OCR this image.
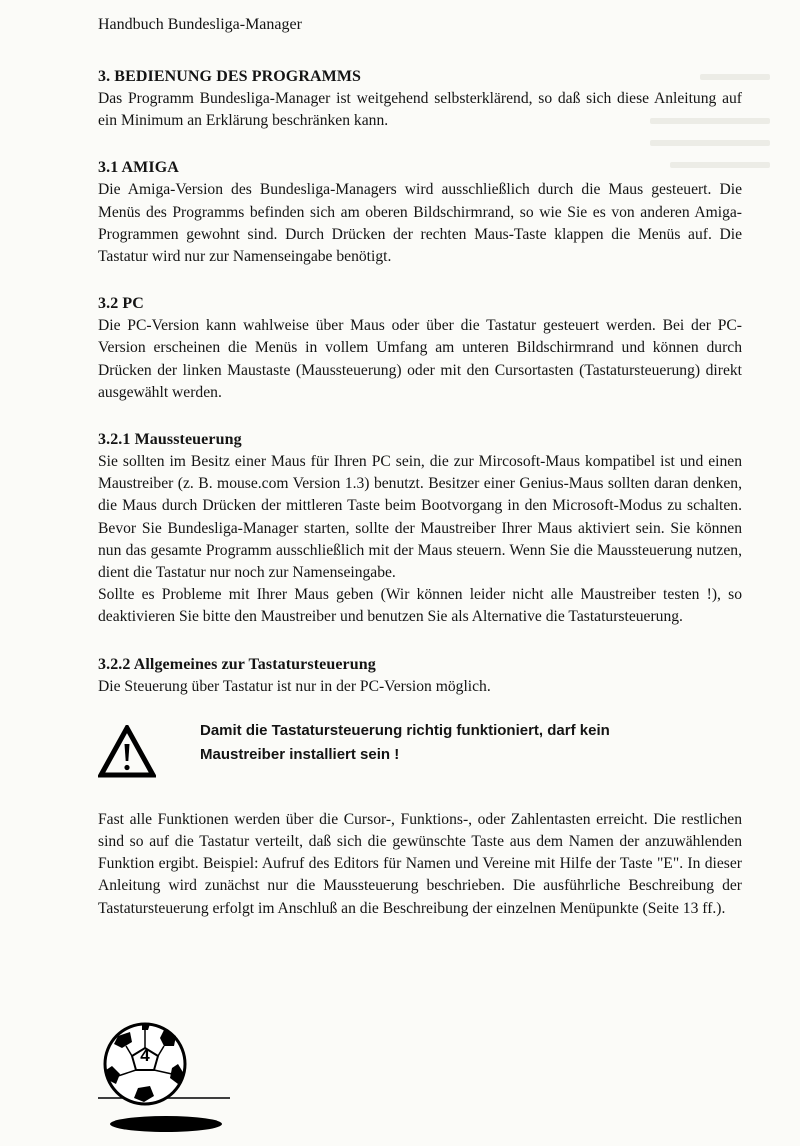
Handbuch Bundesliga-Manager
3. BEDIENUNG DES PROGRAMMS

Das Programm Bundesliga-Manager ist weitgehend selbsterklärend, so daß sich diese Anleitung auf ein Minimum an Erklärung beschränken kann.

3.1 AMIGA

Die Amiga-Version des Bundesliga-Managers wird ausschließlich durch die Maus gesteuert. Die Menüs des Programms befinden sich am oberen Bildschirmrand, so wie Sie es von anderen Amiga-Programmen gewohnt sind. Durch Drücken der rechten Maus-Taste klappen die Menüs auf. Die Tastatur wird nur zur Namenseingabe benötigt.

3.2 PC

Die PC-Version kann wahlweise über Maus oder über die Tastatur gesteuert werden. Bei der PC-Version erscheinen die Menüs in vollem Umfang am unteren Bildschirmrand und können durch Drücken der linken Maustaste (Maussteuerung) oder mit den Cursortasten (Tastatursteuerung) direkt ausgewählt werden.

3.2.1 Maussteuerung

Sie sollten im Besitz einer Maus für Ihren PC sein, die zur Mircosoft-Maus kompatibel ist und einen Maustreiber (z. B. mouse.com Version 1.3) benutzt. Besitzer einer Genius-Maus sollten daran denken, die Maus durch Drücken der mittleren Taste beim Bootvorgang in den Microsoft-Modus zu schalten. Bevor Sie Bundesliga-Manager starten, sollte der Maustreiber Ihrer Maus aktiviert sein. Sie können nun das gesamte Programm ausschließlich mit der Maus steuern. Wenn Sie die Maussteuerung nutzen, dient die Tastatur nur noch zur Namenseingabe.

Sollte es Probleme mit Ihrer Maus geben (Wir können leider nicht alle Maustreiber testen !), so deaktivieren Sie bitte den Maustreiber und benutzen Sie als Alternative die Tastatursteuerung.

3.2.2 Allgemeines zur Tastatursteuerung

Die Steuerung über Tastatur ist nur in der PC-Version möglich.

Damit die Tastatursteuerung richtig funktioniert, darf kein
Maustreiber installiert sein !

Fast alle Funktionen werden über die Cursor-, Funktions-, oder Zahlentasten erreicht. Die restlichen sind so auf die Tastatur verteilt, daß sich die gewünschte Taste aus dem Namen der anzuwählenden Funktion ergibt. Beispiel: Aufruf des Editors für Namen und Vereine mit Hilfe der Taste "E". In dieser Anleitung wird zunächst nur die Maussteuerung beschrieben. Die ausführliche Beschreibung der Tastatursteuerung erfolgt im Anschluß an die Beschreibung der einzelnen Menüpunkte (Seite 13 ff.).

4
